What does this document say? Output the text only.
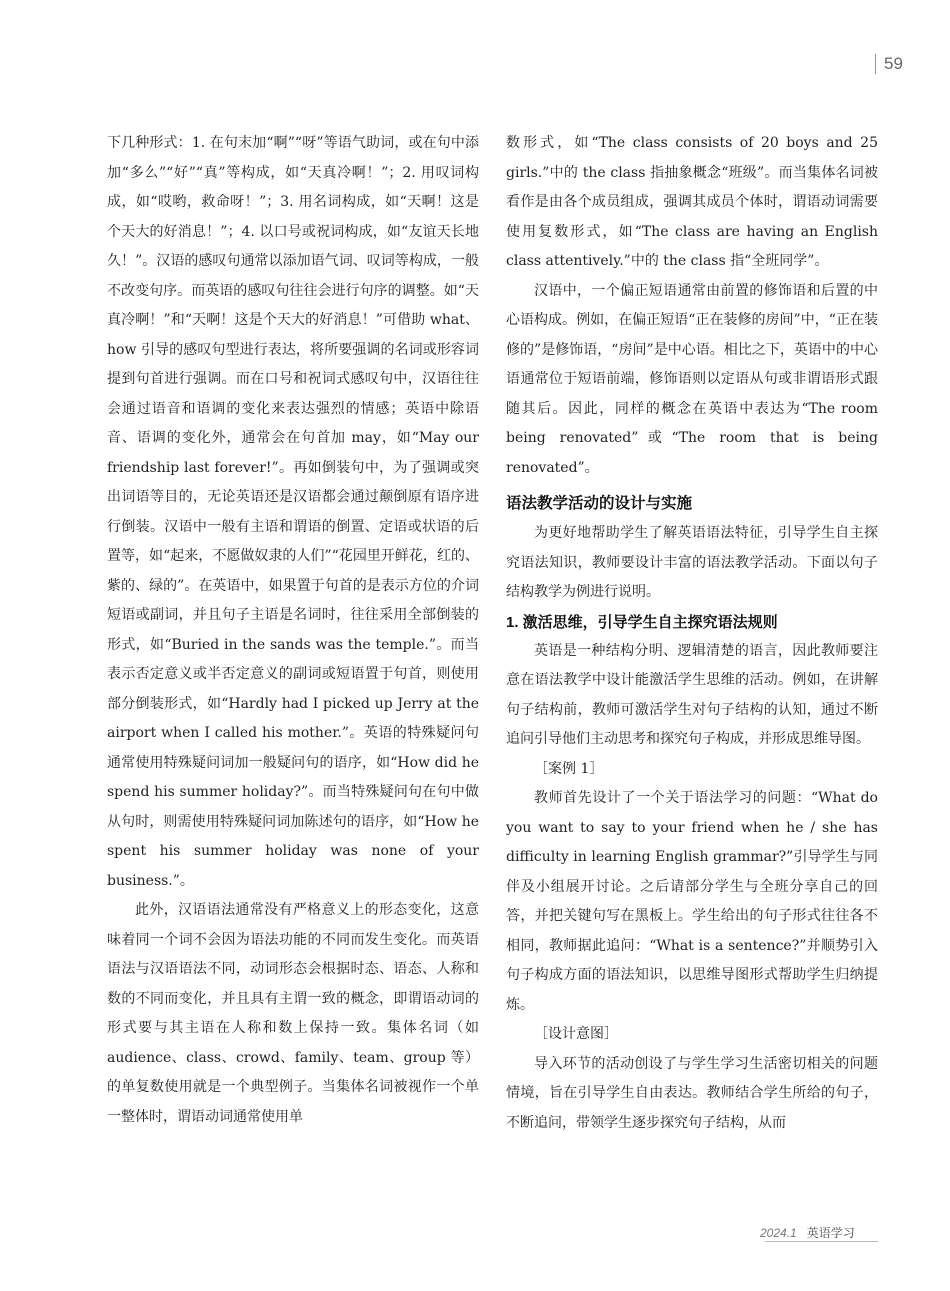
59

下几种形式：1. 在句末加“啊”“呀”等语气助词，或在句中添加“多么”“好”“真”等构成，如“天真冷啊！”；2. 用叹词构成，如“哎哟，救命呀！”；3. 用名词构成，如“天啊！这是个天大的好消息！”；4. 以口号或祝词构成，如“友谊天长地久！”。汉语的感叹句通常以添加语气词、叹词等构成，一般不改变句序。而英语的感叹句往往会进行句序的调整。如“天真冷啊！”和“天啊！这是个天大的好消息！”可借助 what、how 引导的感叹句型进行表达，将所要强调的名词或形容词提到句首进行强调。而在口号和祝词式感叹句中，汉语往往会通过语音和语调的变化来表达强烈的情感；英语中除语音、语调的变化外，通常会在句首加 may，如“May our friendship last forever!”。再如倒装句中，为了强调或突出词语等目的，无论英语还是汉语都会通过颠倒原有语序进行倒装。汉语中一般有主语和谓语的倒置、定语或状语的后置等，如“起来，不愿做奴隶的人们”“花园里开鲜花，红的、紫的、绿的”。在英语中，如果置于句首的是表示方位的介词短语或副词，并且句子主语是名词时，往往采用全部倒装的形式，如“Buried in the sands was the temple.”。而当表示否定意义或半否定意义的副词或短语置于句首，则使用部分倒装形式，如“Hardly had I picked up Jerry at the airport when I called his mother.”。英语的特殊疑问句通常使用特殊疑问词加一般疑问句的语序，如“How did he spend his summer holiday?”。而当特殊疑问句在句中做从句时，则需使用特殊疑问词加陈述句的语序，如“How he spent his summer holiday was none of your business.”。

此外，汉语语法通常没有严格意义上的形态变化，这意味着同一个词不会因为语法功能的不同而发生变化。而英语语法与汉语语法不同，动词形态会根据时态、语态、人称和数的不同而变化，并且具有主谓一致的概念，即谓语动词的形式要与其主语在人称和数上保持一致。集体名词（如 audience、class、crowd、family、team、group 等）的单复数使用就是一个典型例子。当集体名词被视作一个单一整体时，谓语动词通常使用单

数形式，如“The class consists of 20 boys and 25 girls.”中的 the class 指抽象概念“班级”。而当集体名词被看作是由各个成员组成，强调其成员个体时，谓语动词需要使用复数形式，如“The class are having an English class attentively.”中的 the class 指“全班同学”。

汉语中，一个偏正短语通常由前置的修饰语和后置的中心语构成。例如，在偏正短语“正在装修的房间”中，“正在装修的”是修饰语，“房间”是中心语。相比之下，英语中的中心语通常位于短语前端，修饰语则以定语从句或非谓语形式跟随其后。因此，同样的概念在英语中表达为“The room being renovated”或“The room that is being renovated”。

语法教学活动的设计与实施

为更好地帮助学生了解英语语法特征，引导学生自主探究语法知识，教师要设计丰富的语法教学活动。下面以句子结构教学为例进行说明。

1. 激活思维，引导学生自主探究语法规则

英语是一种结构分明、逻辑清楚的语言，因此教师要注意在语法教学中设计能激活学生思维的活动。例如，在讲解句子结构前，教师可激活学生对句子结构的认知，通过不断追问引导他们主动思考和探究句子构成，并形成思维导图。

［案例 1］

教师首先设计了一个关于语法学习的问题：“What do you want to say to your friend when he / she has difficulty in learning English grammar?”引导学生与同伴及小组展开讨论。之后请部分学生与全班分享自己的回答，并把关键句写在黑板上。学生给出的句子形式往往各不相同，教师据此追问：“What is a sentence?”并顺势引入句子构成方面的语法知识，以思维导图形式帮助学生归纳提炼。

［设计意图］

导入环节的活动创设了与学生学习生活密切相关的问题情境，旨在引导学生自由表达。教师结合学生所给的句子，不断追问，带领学生逐步探究句子结构，从而

2024.1 英语学习
